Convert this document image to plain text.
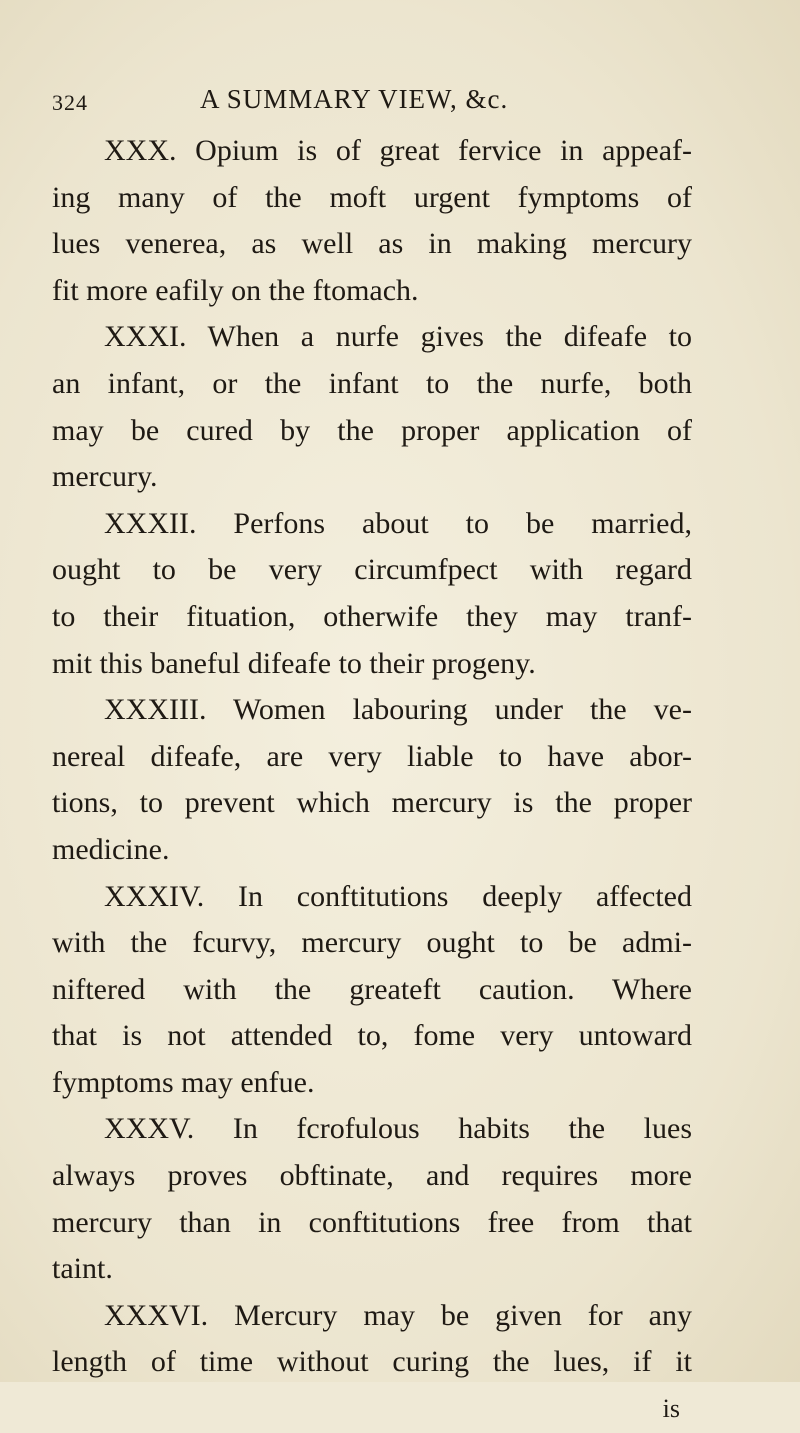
324	A SUMMARY VIEW, &c.
XXX. Opium is of great fervice in appeaf-
ing many of the moft urgent fymptoms of
lues venerea, as well as in making mercury
fit more eafily on the ftomach.
XXXI. When a nurfe gives the difeafe to
an infant, or the infant to the nurfe, both
may be cured by the proper application of
mercury.
XXXII. Perfons about to be married,
ought to be very circumfpect with regard
to their fituation, otherwife they may tranf-
mit this baneful difeafe to their progeny.
XXXIII. Women labouring under the ve-
nereal difeafe, are very liable to have abor-
tions, to prevent which mercury is the proper
medicine.
XXXIV. In conftitutions deeply affected
with the fcurvy, mercury ought to be admi-
niftered with the greateft caution. Where
that is not attended to, fome very untoward
fymptoms may enfue.
XXXV. In fcrofulous habits the lues
always proves obftinate, and requires more
mercury than in conftitutions free from that
taint.
XXXVI. Mercury may be given for any
length of time without curing the lues, if it
is
